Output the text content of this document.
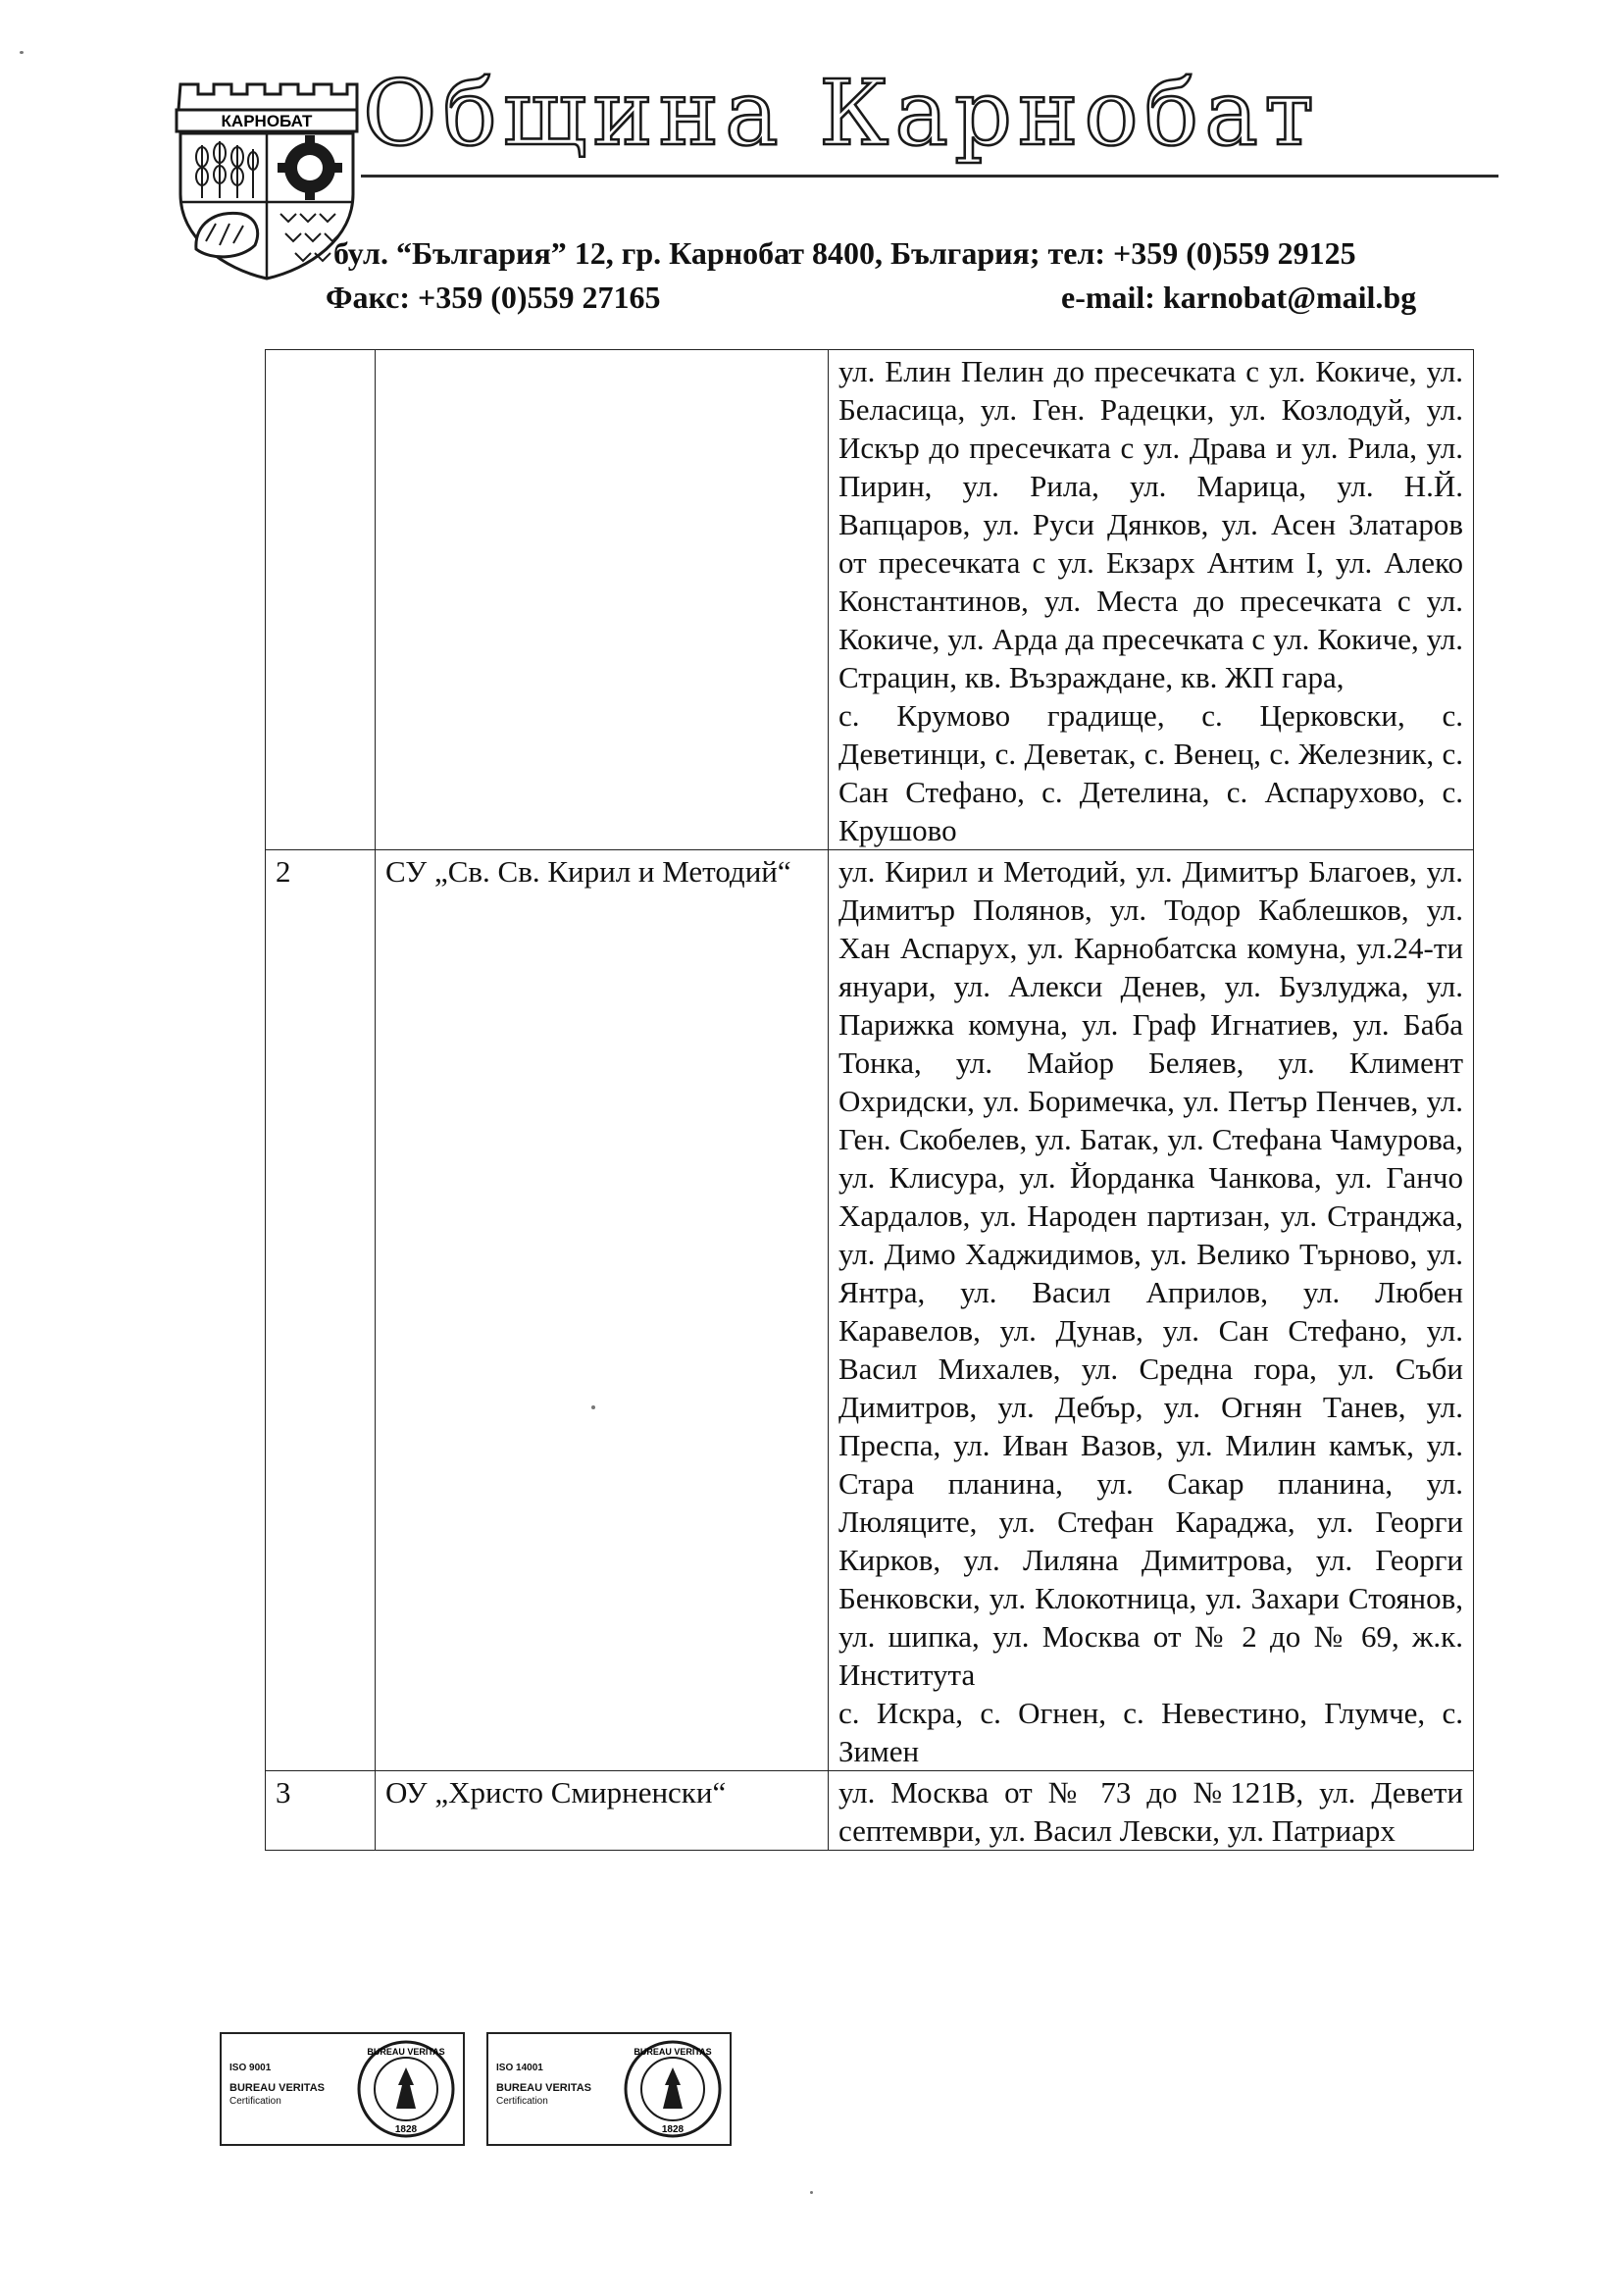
КАРНОБАТ Община Карнобат
бул. “България” 12, гр. Карнобат 8400, България; тел: +359 (0)559 29125
Факс: +359 (0)559 27165	e-mail: karnobat@mail.bg

		ул. Елин Пелин до пресечката с ул. Кокиче, ул. Беласица, ул. Ген. Радецки, ул. Козлодуй, ул. Искър до пресечката с ул. Драва и ул. Рила, ул. Пирин, ул. Рила, ул. Марица, ул. Н.Й. Вапцаров, ул. Руси Дянков, ул. Асен Златаров от пресечката с ул. Екзарх Антим I, ул. Алеко Константинов, ул. Места до пресечката с ул. Кокиче, ул. Арда да пресечката с ул. Кокиче, ул. Страцин, кв. Възраждане, кв. ЖП гара,
с. Крумово градище, с. Церковски, с. Деветинци, с. Деветак, с. Венец, с. Железник, с. Сан Стефано, с. Детелина, с. Аспарухово, с. Крушово

2	СУ „Св. Св. Кирил и Методий“	ул. Кирил и Методий, ул. Димитър Благоев, ул. Димитър Полянов, ул. Тодор Каблешков, ул. Хан Аспарух, ул. Карнобатска комуна, ул.24-ти януари, ул. Алекси Денев, ул. Бузлуджа, ул. Парижка комуна, ул. Граф Игнатиев, ул. Баба Тонка, ул. Майор Беляев, ул. Климент Охридски, ул. Боримечка, ул. Петър Пенчев, ул. Ген. Скобелев, ул. Батак, ул. Стефана Чамурова, ул. Клисура, ул. Йорданка Чанкова, ул. Ганчо Хардалов, ул. Народен партизан, ул. Странджа, ул. Димо Хаджидимов, ул. Велико Търново, ул. Янтра, ул. Васил Априлов, ул. Любен Каравелов, ул. Дунав, ул. Сан Стефано, ул. Васил Михалев, ул. Средна гора, ул. Съби Димитров, ул. Дебър, ул. Огнян Танев, ул. Преспа, ул. Иван Вазов, ул. Милин камък, ул. Стара планина, ул. Сакар планина, ул. Люляците, ул. Стефан Караджа, ул. Георги Кирков, ул. Лиляна Димитрова, ул. Георги Бенковски, ул. Клокотница, ул. Захари Стоянов, ул. шипка, ул. Москва от № 2 до № 69, ж.к. Института
с. Искра, с. Огнен, с. Невестино, Глумче, с. Зимен

3	ОУ „Христо Смирненски“	ул. Москва от № 73 до №121В, ул. Девети септември, ул. Васил Левски, ул. Патриарх
ISO 9001
BUREAU VERITAS
Certification
BUREAU VERITAS
1828
ISO 14001
BUREAU VERITAS
Certification
BUREAU VERITAS
1828
